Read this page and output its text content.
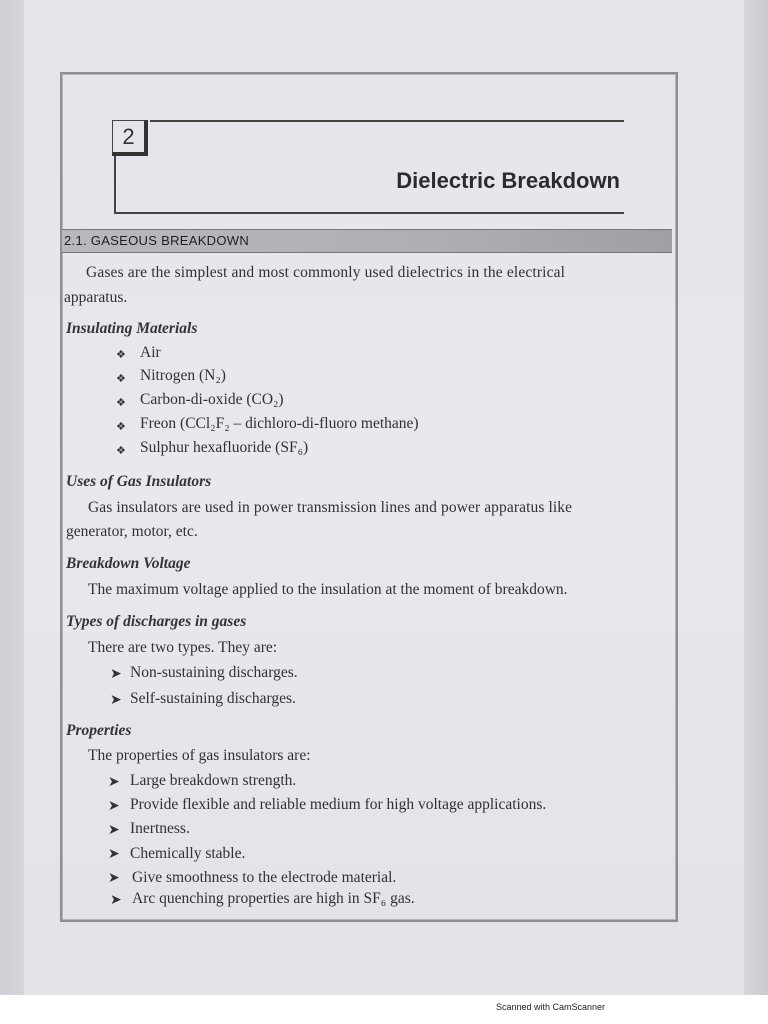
2
Dielectric Breakdown
2.1. GASEOUS BREAKDOWN
Gases are the simplest and most commonly used dielectrics in the electrical
apparatus.
Insulating Materials
❖ Air
❖ Nitrogen (N₂)
❖ Carbon-di-oxide (CO₂)
❖ Freon (CCl₂F₂ – dichloro-di-fluoro methane)
❖ Sulphur hexafluoride (SF₆)
Uses of Gas Insulators
Gas insulators are used in power transmission lines and power apparatus like
generator, motor, etc.
Breakdown Voltage
The maximum voltage applied to the insulation at the moment of breakdown.
Types of discharges in gases
There are two types. They are:
➤ Non-sustaining discharges.
➤ Self-sustaining discharges.
Properties
The properties of gas insulators are:
➤ Large breakdown strength.
➤ Provide flexible and reliable medium for high voltage applications.
➤ Inertness.
➤ Chemically stable.
➤ Give smoothness to the electrode material.
➤ Arc quenching properties are high in SF₆ gas.
Scanned with CamScanner
